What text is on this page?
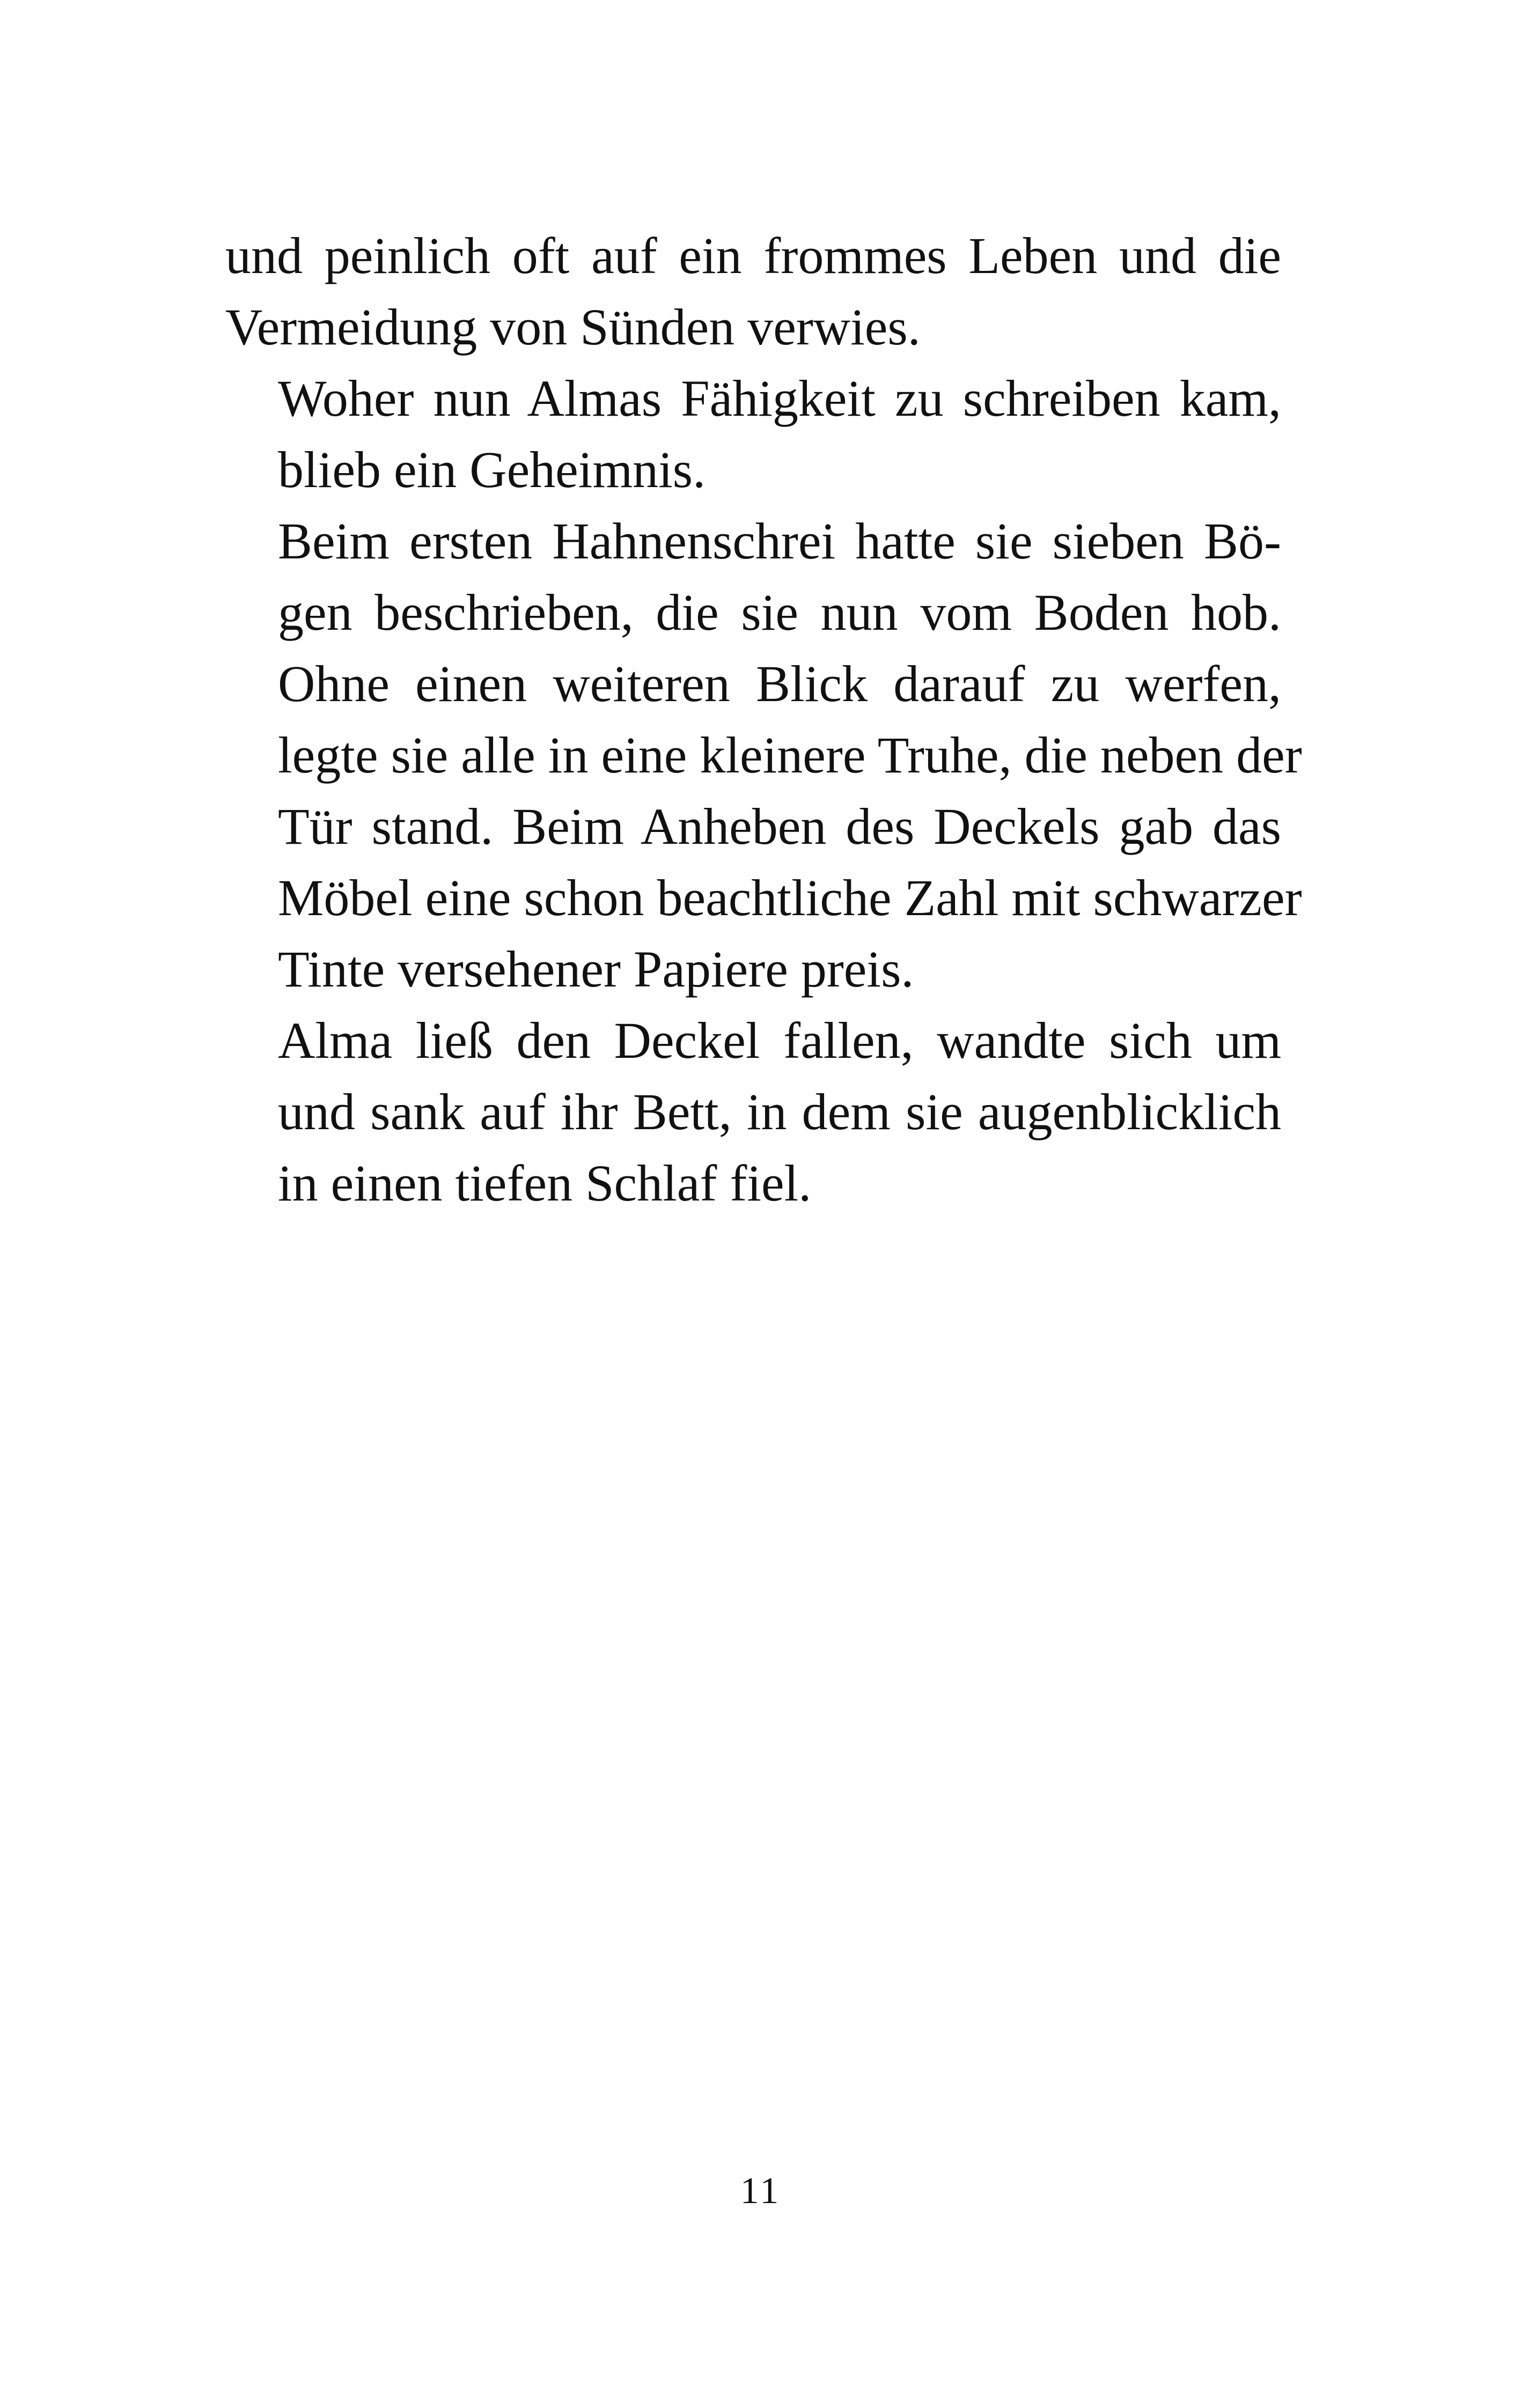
und peinlich oft auf ein frommes Leben und die
Vermeidung von Sünden verwies.

Woher nun Almas Fähigkeit zu schreiben kam,
blieb ein Geheimnis.

Beim ersten Hahnenschrei hatte sie sieben Bö-
gen beschrieben, die sie nun vom Boden hob.
Ohne einen weiteren Blick darauf zu werfen,
legte sie alle in eine kleinere Truhe, die neben der
Tür stand. Beim Anheben des Deckels gab das
Möbel eine schon beachtliche Zahl mit schwarzer
Tinte versehener Papiere preis.

Alma ließ den Deckel fallen, wandte sich um
und sank auf ihr Bett, in dem sie augenblicklich
in einen tiefen Schlaf fiel.

11
